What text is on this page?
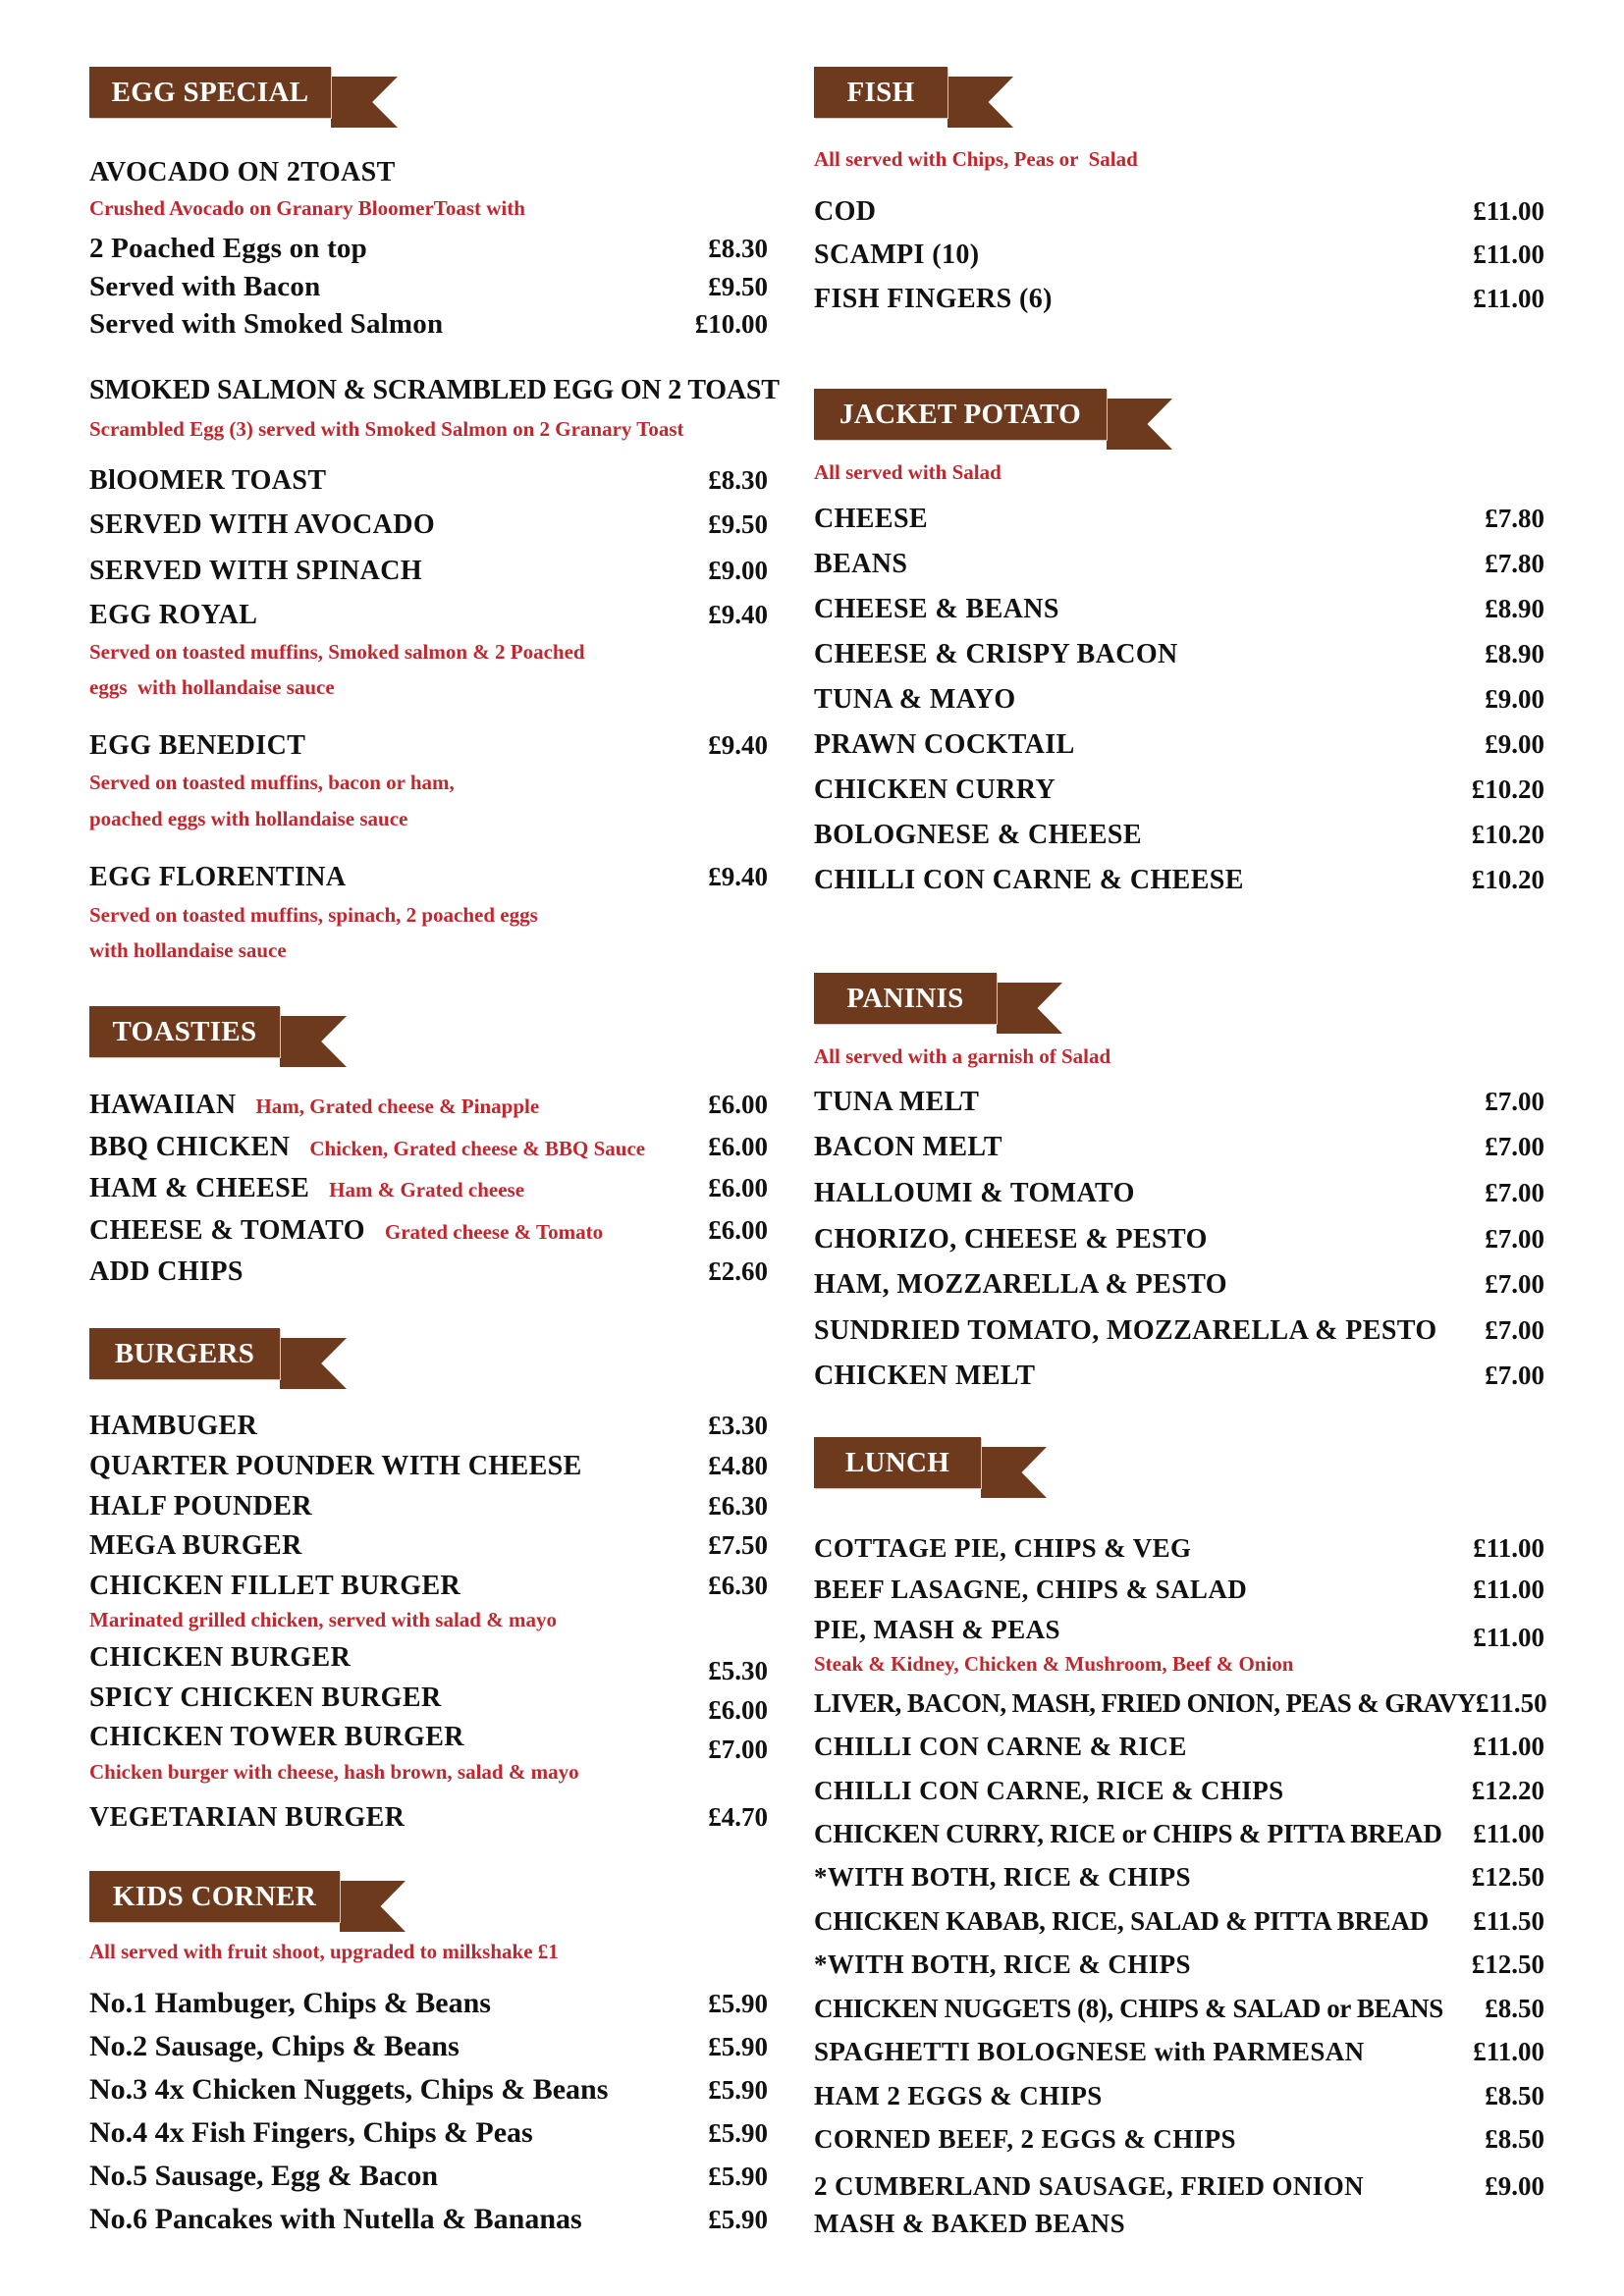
EGG SPECIAL
AVOCADO ON 2TOAST
Crushed Avocado on Granary BloomerToast with
2 Poached Eggs on top	£8.30
Served with Bacon	£9.50
Served with Smoked Salmon	£10.00
SMOKED SALMON & SCRAMBLED EGG ON 2 TOAST
Scrambled Egg (3) served with Smoked Salmon on 2 Granary Toast
BlOOMER TOAST	£8.30
SERVED WITH AVOCADO	£9.50
SERVED WITH SPINACH	£9.00
EGG ROYAL	£9.40
Served on toasted muffins, Smoked salmon & 2 Poached
eggs  with hollandaise sauce
EGG BENEDICT	£9.40
Served on toasted muffins, bacon or ham,
poached eggs with hollandaise sauce
EGG FLORENTINA	£9.40
Served on toasted muffins, spinach, 2 poached eggs
with hollandaise sauce
TOASTIES
HAWAIIAN Ham, Grated cheese & Pinapple	£6.00
BBQ CHICKEN Chicken, Grated cheese & BBQ Sauce £6.00
HAM & CHEESE Ham & Grated cheese	£6.00
CHEESE & TOMATO Grated cheese & Tomato	£6.00
ADD CHIPS	£2.60
BURGERS
HAMBUGER	£3.30
QUARTER POUNDER WITH CHEESE	£4.80
HALF POUNDER	£6.30
MEGA BURGER	£7.50
CHICKEN FILLET BURGER	£6.30
Marinated grilled chicken, served with salad & mayo
CHICKEN BURGER	£5.30
SPICY CHICKEN BURGER	£6.00
CHICKEN TOWER BURGER	£7.00
Chicken burger with cheese, hash brown, salad & mayo
VEGETARIAN BURGER	£4.70
KIDS CORNER
All served with fruit shoot, upgraded to milkshake £1
No.1 Hambuger, Chips & Beans	£5.90
No.2 Sausage, Chips & Beans	£5.90
No.3 4x Chicken Nuggets, Chips & Beans	£5.90
No.4 4x Fish Fingers, Chips & Peas	£5.90
No.5 Sausage, Egg & Bacon	£5.90
No.6 Pancakes with Nutella & Bananas	£5.90
FISH
All served with Chips, Peas or  Salad
COD	£11.00
SCAMPI (10)	£11.00
FISH FINGERS (6)	£11.00
JACKET POTATO
All served with Salad
CHEESE	£7.80
BEANS	£7.80
CHEESE & BEANS	£8.90
CHEESE & CRISPY BACON	£8.90
TUNA & MAYO	£9.00
PRAWN COCKTAIL	£9.00
CHICKEN CURRY	£10.20
BOLOGNESE & CHEESE	£10.20
CHILLI CON CARNE & CHEESE	£10.20
PANINIS
All served with a garnish of Salad
TUNA MELT	£7.00
BACON MELT	£7.00
HALLOUMI & TOMATO	£7.00
CHORIZO, CHEESE & PESTO	£7.00
HAM, MOZZARELLA & PESTO	£7.00
SUNDRIED TOMATO, MOZZARELLA & PESTO £7.00
CHICKEN MELT	£7.00
LUNCH
COTTAGE PIE, CHIPS & VEG	£11.00
BEEF LASAGNE, CHIPS & SALAD	£11.00
PIE, MASH & PEAS	£11.00
Steak & Kidney, Chicken & Mushroom, Beef & Onion
LIVER, BACON, MASH, FRIED ONION, PEAS & GRAVY £11.50
CHILLI CON CARNE & RICE	£11.00
CHILLI CON CARNE, RICE & CHIPS	£12.20
CHICKEN CURRY, RICE or CHIPS & PITTA BREAD £11.00
*WITH BOTH, RICE & CHIPS	£12.50
CHICKEN KABAB, RICE, SALAD & PITTA BREAD £11.50
*WITH BOTH, RICE & CHIPS	£12.50
CHICKEN NUGGETS (8), CHIPS & SALAD or BEANS £8.50
SPAGHETTI BOLOGNESE with PARMESAN	£11.00
HAM 2 EGGS & CHIPS	£8.50
CORNED BEEF, 2 EGGS & CHIPS	£8.50
2 CUMBERLAND SAUSAGE, FRIED ONION	£9.00
MASH & BAKED BEANS
